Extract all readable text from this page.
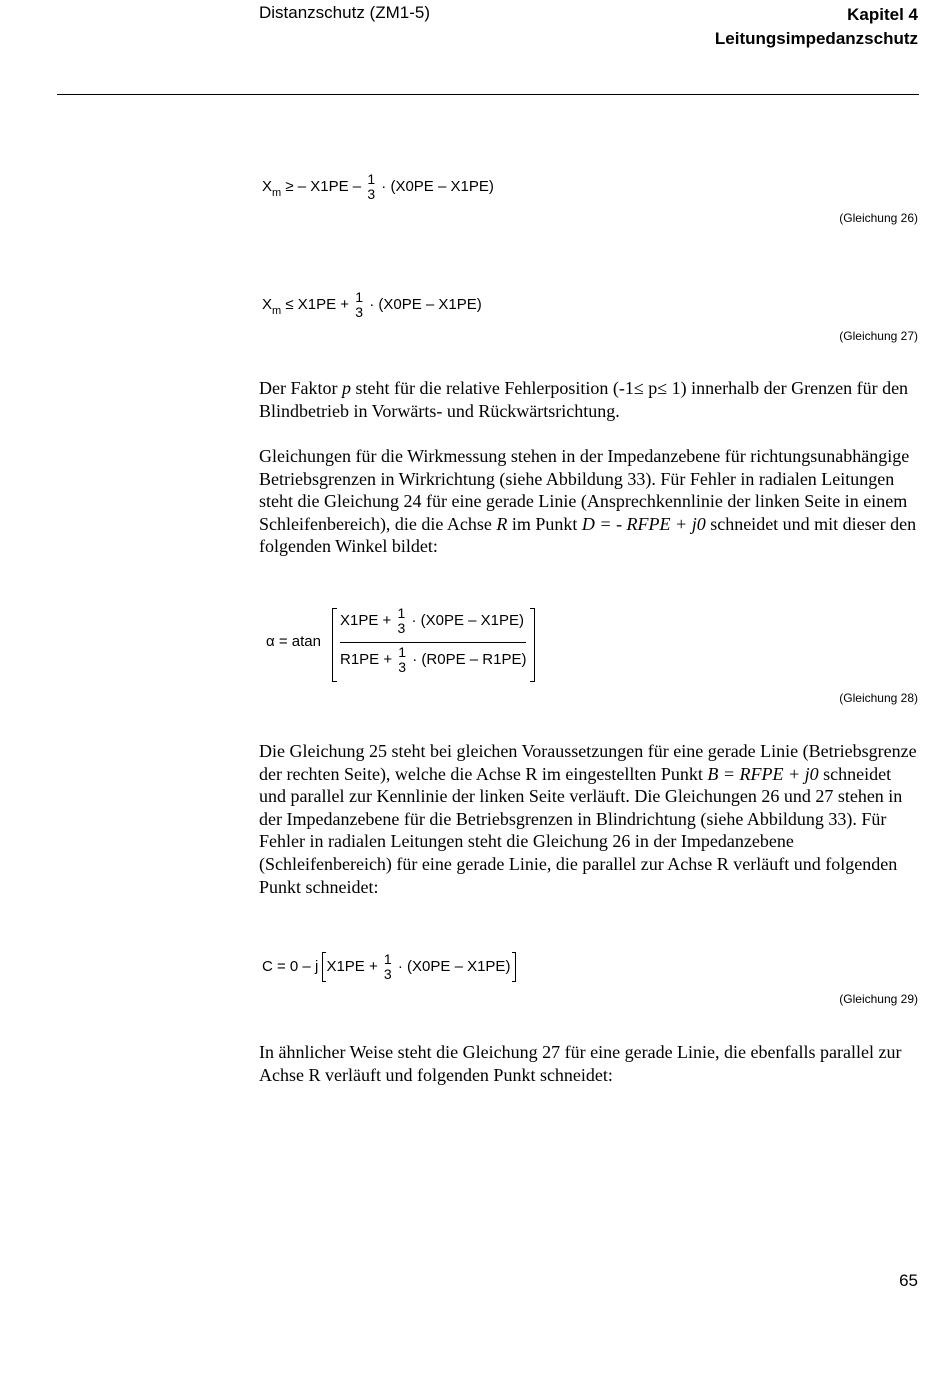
Distanzschutz (ZM1-5)	Kapitel 4
Leitungsimpedanzschutz
$X_m$ ≥ – X1PE – 1
3 · (X0PE – X1PE)
(Gleichung 26)
$X_m \le X1PE + 1$
3 · (X0PE – X1PE)
(Gleichung 27)

Der Faktor p steht für die relative Fehlerposition (-1≤ p≤ 1) innerhalb der Grenzen für den Blindbetrieb in Vorwärts- und Rückwärtsrichtung.

Gleichungen für die Wirkmessung stehen in der Impedanzebene für richtungsunabhängige Betriebsgrenzen in Wirkrichtung (siehe Abbildung 33). Für Fehler in radialen Leitungen steht die Gleichung 24 für eine gerade Linie (Ansprechkennlinie der linken Seite in einem Schleifenbereich), die die Achse R im Punkt D = - RFPE + j0 schneidet und mit dieser den folgenden Winkel bildet:

α = atan
X1PE + 1
3 · (X0PE – X1PE)
R1PE + 1
3 · (R0PE – R1PE)
(Gleichung 28)

Die Gleichung 25 steht bei gleichen Voraussetzungen für eine gerade Linie (Betriebsgrenze der rechten Seite), welche die Achse R im eingestellten Punkt B = RFPE + j0 schneidet und parallel zur Kennlinie der linken Seite verläuft. Die Gleichungen 26 und 27 stehen in der Impedanzebene für die Betriebsgrenzen in Blindrichtung (siehe Abbildung 33). Für Fehler in radialen Leitungen steht die Gleichung 26 in der Impedanzebene (Schleifenbereich) für eine gerade Linie, die parallel zur Achse R verläuft und folgenden Punkt schneidet:

C = 0 – j X1PE + 1
3 · (X0PE – X1PE)
(Gleichung 29)

In ähnlicher Weise steht die Gleichung 27 für eine gerade Linie, die ebenfalls parallel zur Achse R verläuft und folgenden Punkt schneidet:

65
